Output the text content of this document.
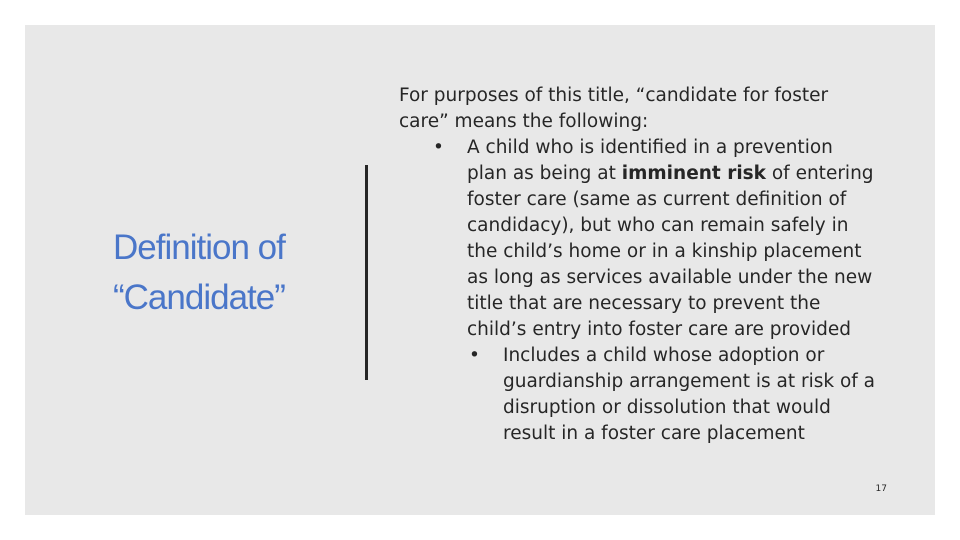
Definition of
“Candidate”

For purposes of this title, “candidate for foster
care” means the following:

• A child who is identified in a prevention
plan as being at imminent risk of entering
foster care (same as current definition of
candidacy), but who can remain safely in
the child’s home or in a kinship placement
as long as services available under the new
title that are necessary to prevent the
child’s entry into foster care are provided
• Includes a child whose adoption or
guardianship arrangement is at risk of a
disruption or dissolution that would
result in a foster care placement
17
